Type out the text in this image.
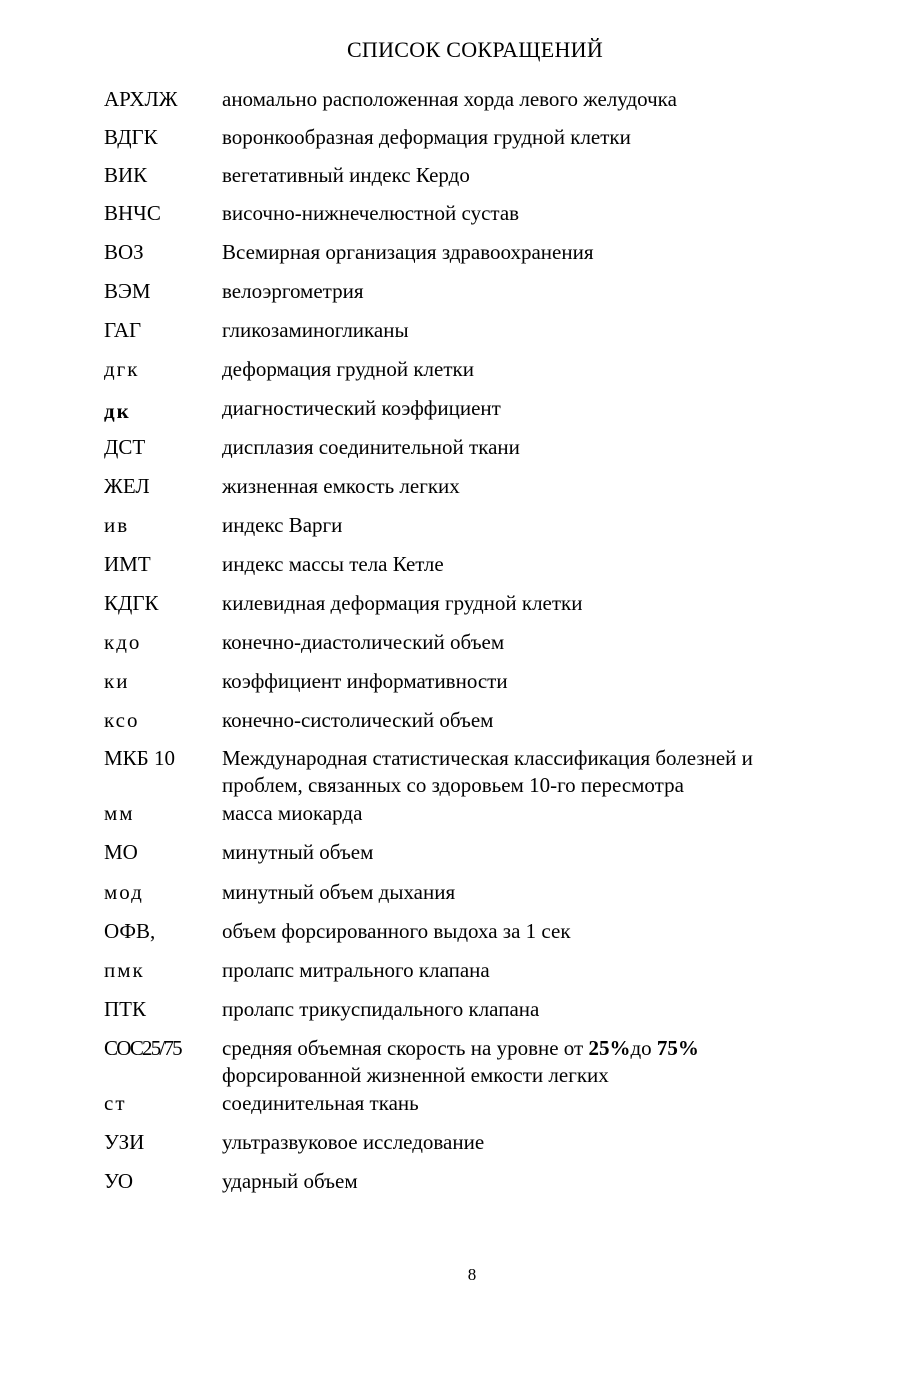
СПИСОК СОКРАЩЕНИЙ
АРХЛЖ аномально расположенная хорда левого желудочка
ВДГК	воронкообразная деформация грудной клетки
ВИК	вегетативный индекс Кердо
ВНЧС	височно-нижнечелюстной сустав
ВОЗ	Всемирная организация здравоохранения
ВЭМ	велоэргометрия
ГАГ	гликозаминогликаны
дгк	деформация грудной клетки
дк	диагностический коэффициент
ДСТ	дисплазия соединительной ткани
ЖЕЛ	жизненная емкость легких
ив	индекс Варги
ИМТ	индекс массы тела Кетле
КДГК	килевидная деформация грудной клетки
кдо	конечно-диастолический объем
ки	коэффициент информативности
ксо	конечно-систолический объем
МКБ 10 Международная статистическая классификация болезней и проблем, связанных со здоровьем 10-го пересмотра
мм	масса миокарда
МО	минутный объем
мод	минутный объем дыхания
ОФВ,	объем форсированного выдоха за 1 сек
пмк	пролапс митрального клапана
ПТК	пролапс трикуспидального клапана
СОС25/75 средняя объемная скорость на уровне от 25%до 75% форсированной жизненной емкости легких
ст	соединительная ткань
УЗИ	ультразвуковое исследование
УО	ударный объем
8
